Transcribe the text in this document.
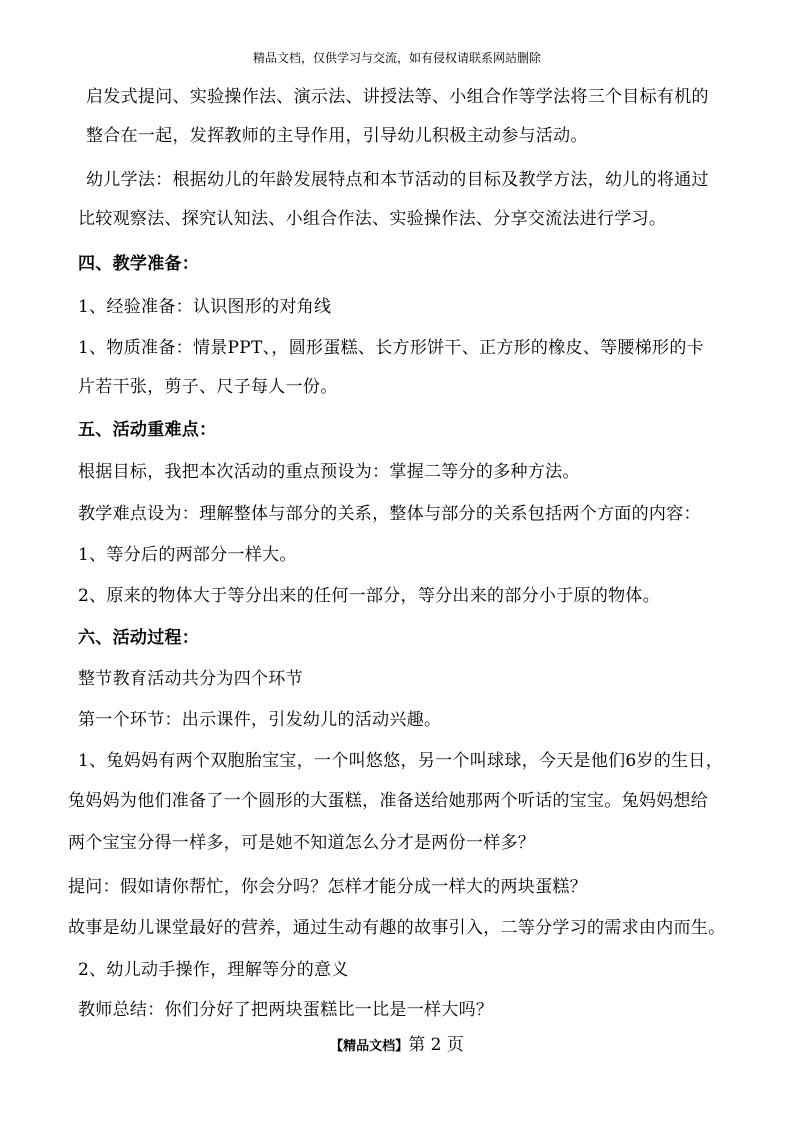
精品文档，仅供学习与交流，如有侵权请联系网站删除
启发式提问、实验操作法、演示法、讲授法等、小组合作等学法将三个目标有机的
整合在一起，发挥教师的主导作用，引导幼儿积极主动参与活动。
幼儿学法：根据幼儿的年龄发展特点和本节活动的目标及教学方法，幼儿的将通过
比较观察法、探究认知法、小组合作法、实验操作法、分享交流法进行学习。
四、教学准备：
1、经验准备：认识图形的对角线
1、物质准备：情景PPT、，圆形蛋糕、长方形饼干、正方形的橡皮、等腰梯形的卡
片若干张，剪子、尺子每人一份。
五、活动重难点：
根据目标，我把本次活动的重点预设为：掌握二等分的多种方法。
教学难点设为：理解整体与部分的关系，整体与部分的关系包括两个方面的内容：
1、等分后的两部分一样大。
2、原来的物体大于等分出来的任何一部分，等分出来的部分小于原的物体。
六、活动过程：
整节教育活动共分为四个环节
第一个环节：出示课件，引发幼儿的活动兴趣。
1、兔妈妈有两个双胞胎宝宝，一个叫悠悠，另一个叫球球，今天是他们6岁的生日，
兔妈妈为他们准备了一个圆形的大蛋糕，准备送给她那两个听话的宝宝。兔妈妈想给
两个宝宝分得一样多，可是她不知道怎么分才是两份一样多？
提问：假如请你帮忙，你会分吗？怎样才能分成一样大的两块蛋糕？
故事是幼儿课堂最好的营养，通过生动有趣的故事引入，二等分学习的需求由内而生。
2、幼儿动手操作，理解等分的意义
教师总结：你们分好了把两块蛋糕比一比是一样大吗？
【精品文档】第 2 页
